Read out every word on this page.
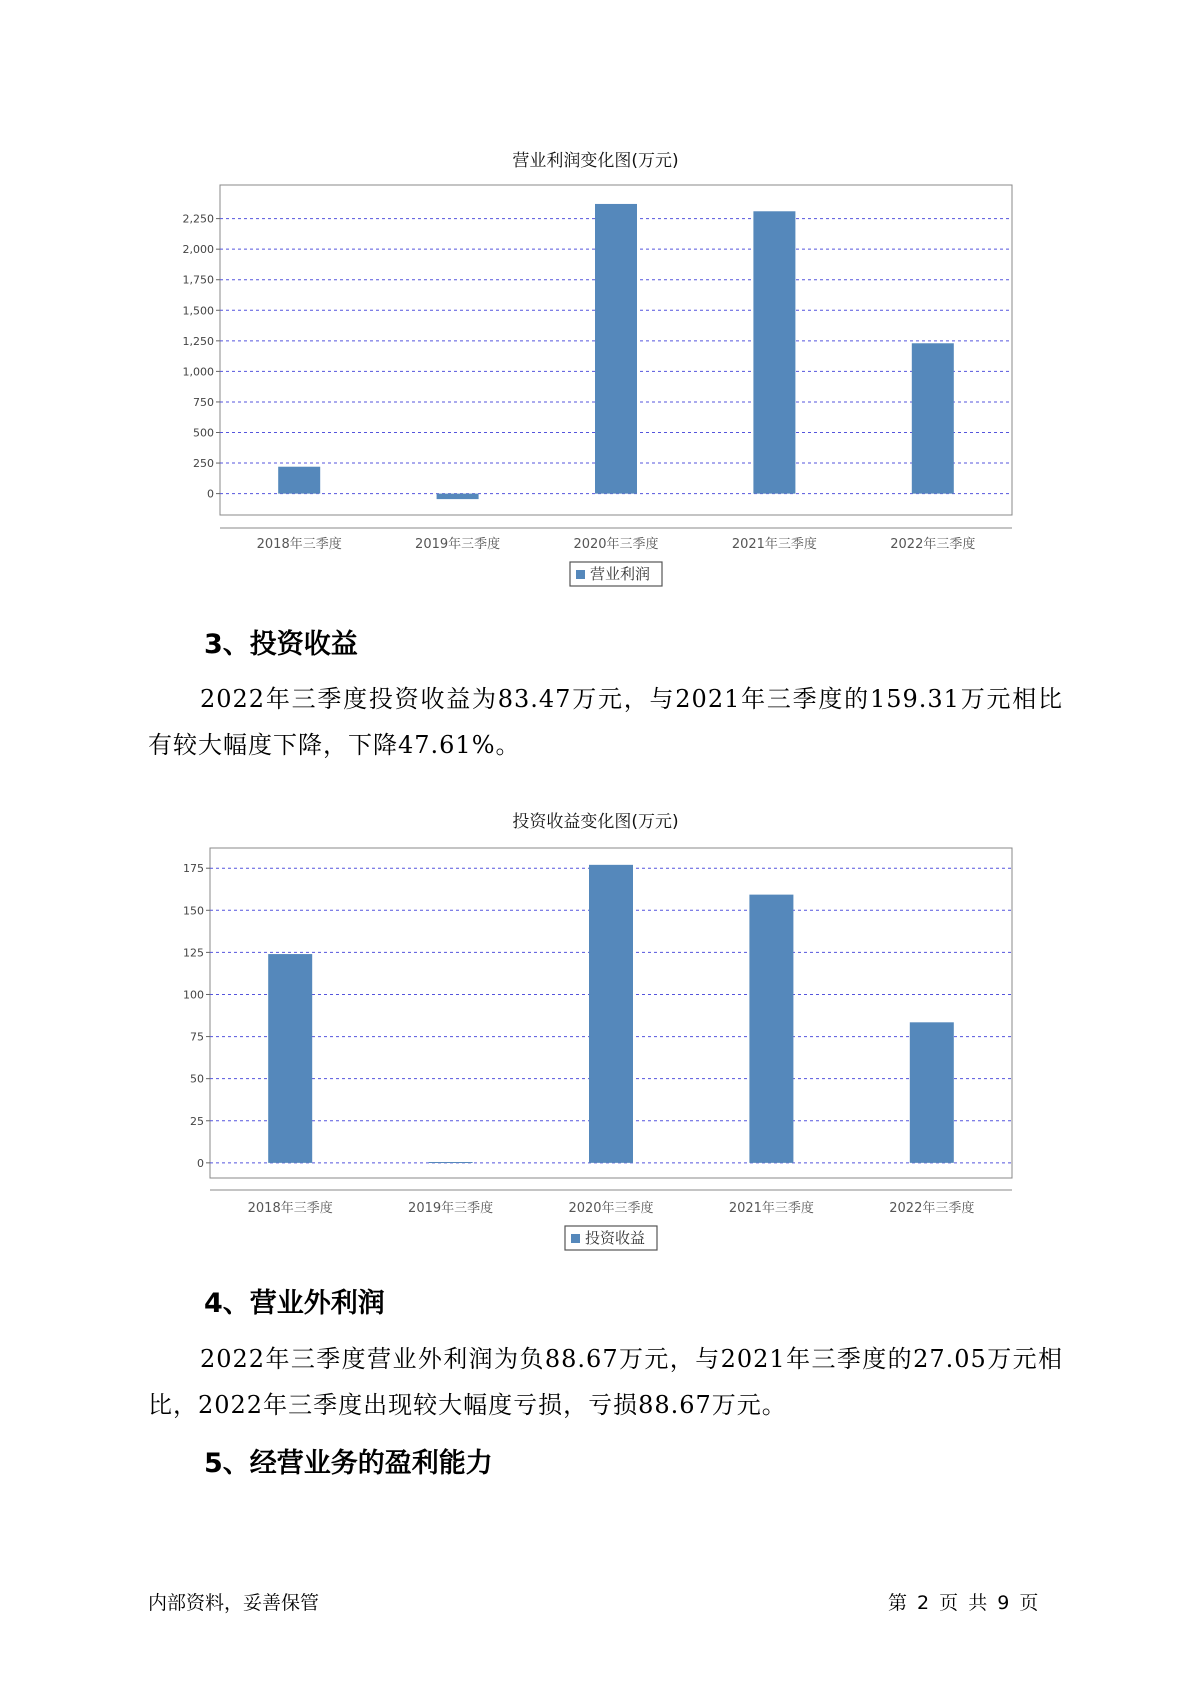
营业利润变化图(万元)
0
250
500
750
1,000
1,250
1,500
1,750
2,000
2,250
2018年三季度	2019年三季度	2020年三季度	2021年三季度	2022年三季度
营业利润
3、投资收益

2022年三季度投资收益为83.47万元，与2021年三季度的159.31万元相比有较大幅度下降，下降47.61%。

投资收益变化图(万元)
0
25
50
75
100
125
150
175
2018年三季度	2019年三季度	2020年三季度	2021年三季度	2022年三季度
投资收益
4、营业外利润

2022年三季度营业外利润为负88.67万元，与2021年三季度的27.05万元相比，2022年三季度出现较大幅度亏损，亏损88.67万元。

5、经营业务的盈利能力
内部资料，妥善保管	第 2 页 共 9 页
